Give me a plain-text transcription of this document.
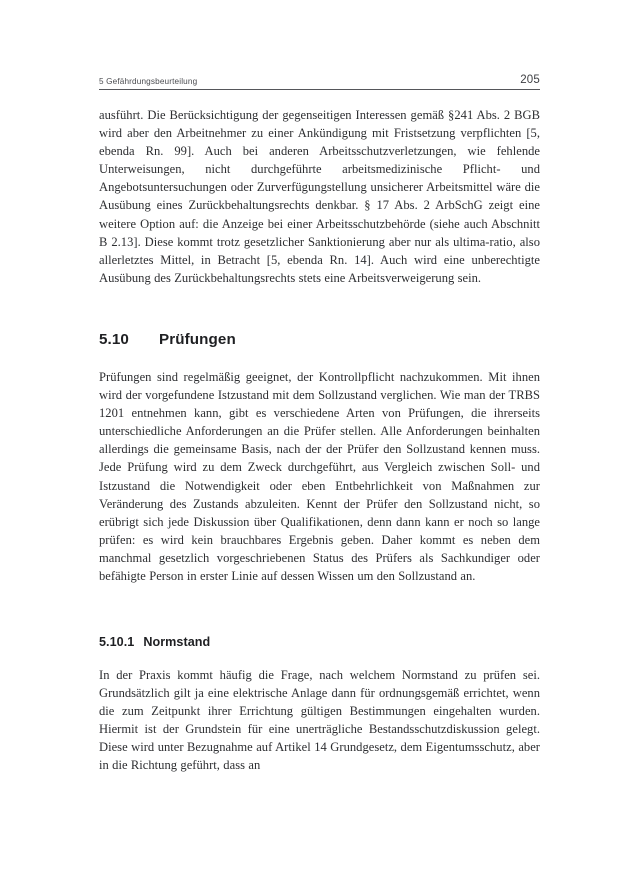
5 Gefährdungsbeurteilung	205

ausführt. Die Berücksichtigung der gegenseitigen Interessen gemäß §241 Abs. 2 BGB wird aber den Arbeitnehmer zu einer Ankündigung mit Fristsetzung verpflichten [5, ebenda Rn. 99]. Auch bei anderen Arbeitsschutzverletzungen, wie fehlende Unterweisungen, nicht durchgeführte arbeitsmedizinische Pflicht- und Angebotsuntersuchungen oder Zurverfügungstellung unsicherer Arbeitsmittel wäre die Ausübung eines Zurückbehaltungsrechts denkbar. § 17 Abs. 2 ArbSchG zeigt eine weitere Option auf: die Anzeige bei einer Arbeitsschutzbehörde (siehe auch Abschnitt B 2.13]. Diese kommt trotz gesetzlicher Sanktionierung aber nur als ultima-ratio, also allerletztes Mittel, in Betracht [5, ebenda Rn. 14]. Auch wird eine unberechtigte Ausübung des Zurückbehaltungsrechts stets eine Arbeitsverweigerung sein.

5.10	Prüfungen

Prüfungen sind regelmäßig geeignet, der Kontrollpflicht nachzukommen. Mit ihnen wird der vorgefundene Istzustand mit dem Sollzustand verglichen. Wie man der TRBS 1201 entnehmen kann, gibt es verschiedene Arten von Prüfungen, die ihrerseits unterschiedliche Anforderungen an die Prüfer stellen. Alle Anforderungen beinhalten allerdings die gemeinsame Basis, nach der der Prüfer den Sollzustand kennen muss. Jede Prüfung wird zu dem Zweck durchgeführt, aus Vergleich zwischen Soll- und Istzustand die Notwendigkeit oder eben Entbehrlichkeit von Maßnahmen zur Veränderung des Zustands abzuleiten. Kennt der Prüfer den Sollzustand nicht, so erübrigt sich jede Diskussion über Qualifikationen, denn dann kann er noch so lange prüfen: es wird kein brauchbares Ergebnis geben. Daher kommt es neben dem manchmal gesetzlich vorgeschriebenen Status des Prüfers als Sachkundiger oder befähigte Person in erster Linie auf dessen Wissen um den Sollzustand an.

5.10.1 Normstand

In der Praxis kommt häufig die Frage, nach welchem Normstand zu prüfen sei. Grundsätzlich gilt ja eine elektrische Anlage dann für ordnungsgemäß errichtet, wenn die zum Zeitpunkt ihrer Errichtung gültigen Bestimmungen eingehalten wurden. Hiermit ist der Grundstein für eine unerträgliche Bestandsschutzdiskussion gelegt. Diese wird unter Bezugnahme auf Artikel 14 Grundgesetz, dem Eigentumsschutz, aber in die Richtung geführt, dass an
